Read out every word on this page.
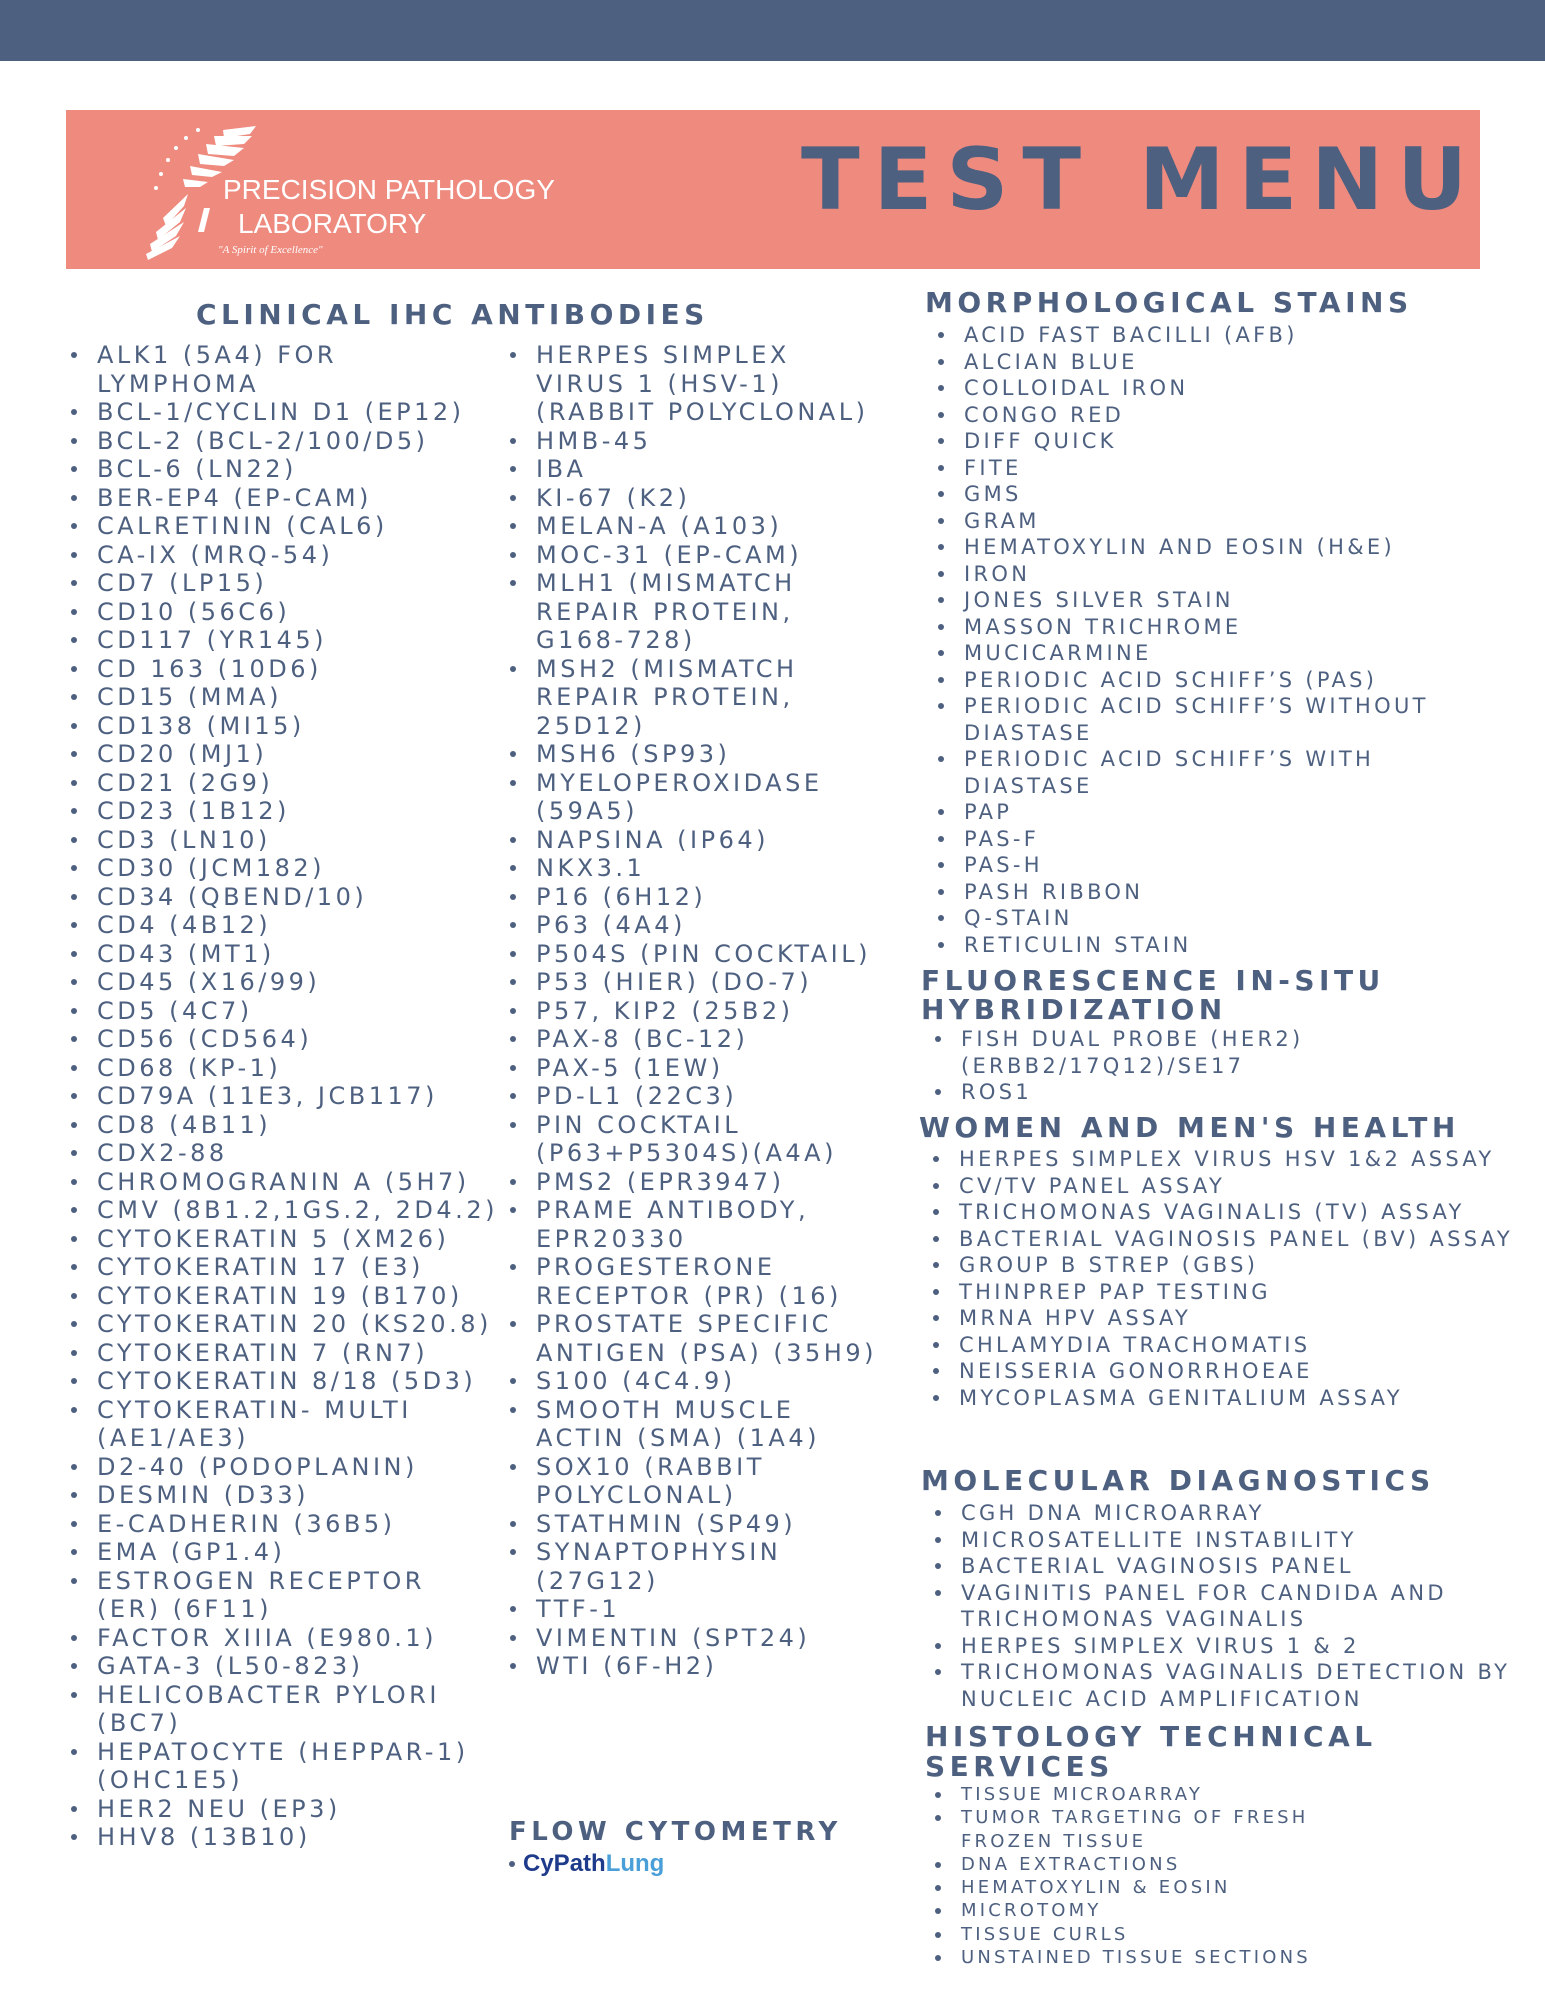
PRECISION PATHOLOGY
LABORATORY
"A Spirit of Excellence"
TEST MENU
CLINICAL IHC ANTIBODIES
ALK1 (5A4) FOR LYMPHOMA
BCL-1/CYCLIN D1 (EP12)
BCL-2 (BCL-2/100/D5)
BCL-6 (LN22)
BER-EP4 (EP-CAM)
CALRETININ (CAL6)
CA-IX (MRQ-54)
CD7 (LP15)
CD10 (56C6)
CD117 (YR145)
CD 163 (10D6)
CD15 (MMA)
CD138 (MI15)
CD20 (MJ1)
CD21 (2G9)
CD23 (1B12)
CD3 (LN10)
CD30 (JCM182)
CD34 (QBEND/10)
CD4 (4B12)
CD43 (MT1)
CD45 (X16/99)
CD5 (4C7)
CD56 (CD564)
CD68 (KP-1)
CD79A (11E3, JCB117)
CD8 (4B11)
CDX2-88
CHROMOGRANIN A (5H7)
CMV (8B1.2,1GS.2, 2D4.2)
CYTOKERATIN 5 (XM26)
CYTOKERATIN 17 (E3)
CYTOKERATIN 19 (B170)
CYTOKERATIN 20 (KS20.8)
CYTOKERATIN 7 (RN7)
CYTOKERATIN 8/18 (5D3)
CYTOKERATIN- MULTI (AE1/AE3)
D2-40 (PODOPLANIN)
DESMIN (D33)
E-CADHERIN (36B5)
EMA (GP1.4)
ESTROGEN RECEPTOR (ER) (6F11)
FACTOR XIIIA (E980.1)
GATA-3 (L50-823)
HELICOBACTER PYLORI (BC7)
HEPATOCYTE (HEPPAR-1) (OHC1E5)
HER2 NEU (EP3)
HHV8 (13B10)
HERPES SIMPLEX VIRUS 1 (HSV-1) (RABBIT POLYCLONAL)
HMB-45
IBA
KI-67 (K2)
MELAN-A (A103)
MOC-31 (EP-CAM)
MLH1 (MISMATCH REPAIR PROTEIN, G168-728)
MSH2 (MISMATCH REPAIR PROTEIN, 25D12)
MSH6 (SP93)
MYELOPEROXIDASE (59A5)
NAPSINA (IP64)
NKX3.1
P16 (6H12)
P63 (4A4)
P504S (PIN COCKTAIL)
P53 (HIER) (DO-7)
P57, KIP2 (25B2)
PAX-8 (BC-12)
PAX-5 (1EW)
PD-L1 (22C3)
PIN COCKTAIL (P63+P5304S)(A4A)
PMS2 (EPR3947)
PRAME ANTIBODY, EPR20330
PROGESTERONE RECEPTOR (PR) (16)
PROSTATE SPECIFIC ANTIGEN (PSA) (35H9)
S100 (4C4.9)
SMOOTH MUSCLE ACTIN (SMA) (1A4)
SOX10 (RABBIT POLYCLONAL)
STATHMIN (SP49)
SYNAPTOPHYSIN (27G12)
TTF-1
VIMENTIN (SPT24)
WTI (6F-H2)
FLOW CYTOMETRY
CyPathLung
MORPHOLOGICAL STAINS
ACID FAST BACILLI (AFB)
ALCIAN BLUE
COLLOIDAL IRON
CONGO RED
DIFF QUICK
FITE
GMS
GRAM
HEMATOXYLIN AND EOSIN (H&E)
IRON
JONES SILVER STAIN
MASSON TRICHROME
MUCICARMINE
PERIODIC ACID SCHIFF’S (PAS)
PERIODIC ACID SCHIFF’S WITHOUT DIASTASE
PERIODIC ACID SCHIFF’S WITH DIASTASE
PAP
PAS-F
PAS-H
PASH RIBBON
Q-STAIN
RETICULIN STAIN
FLUORESCENCE IN-SITU
HYBRIDIZATION
FISH DUAL PROBE (HER2) (ERBB2/17Q12)/SE17
ROS1
WOMEN AND MEN'S HEALTH
HERPES SIMPLEX VIRUS HSV 1&2 ASSAY
CV/TV PANEL ASSAY
TRICHOMONAS VAGINALIS (TV) ASSAY
BACTERIAL VAGINOSIS PANEL (BV) ASSAY
GROUP B STREP (GBS)
THINPREP PAP TESTING
MRNA HPV ASSAY
CHLAMYDIA TRACHOMATIS
NEISSERIA GONORRHOEAE
MYCOPLASMA GENITALIUM ASSAY
MOLECULAR DIAGNOSTICS
CGH DNA MICROARRAY
MICROSATELLITE INSTABILITY
BACTERIAL VAGINOSIS PANEL
VAGINITIS PANEL FOR CANDIDA AND TRICHOMONAS VAGINALIS
HERPES SIMPLEX VIRUS 1 & 2
TRICHOMONAS VAGINALIS DETECTION BY NUCLEIC ACID AMPLIFICATION
HISTOLOGY TECHNICAL
SERVICES
TISSUE MICROARRAY
TUMOR TARGETING OF FRESH FROZEN TISSUE
DNA EXTRACTIONS
HEMATOXYLIN & EOSIN
MICROTOMY
TISSUE CURLS
UNSTAINED TISSUE SECTIONS
